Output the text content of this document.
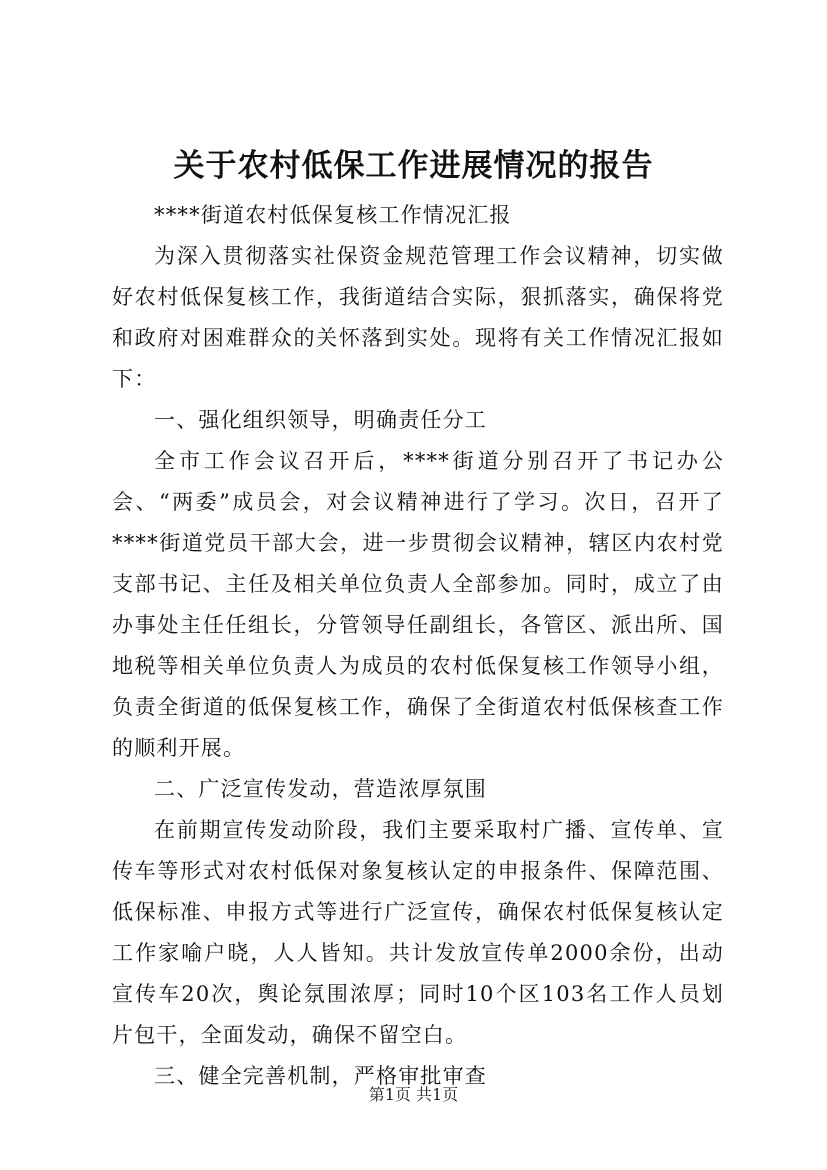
关于农村低保工作进展情况的报告

****街道农村低保复核工作情况汇报

为深入贯彻落实社保资金规范管理工作会议精神，切实做好农村低保复核工作，我街道结合实际，狠抓落实，确保将党和政府对困难群众的关怀落到实处。现将有关工作情况汇报如下：

一、强化组织领导，明确责任分工

全市工作会议召开后，****街道分别召开了书记办公会、“两委”成员会，对会议精神进行了学习。次日，召开了****街道党员干部大会，进一步贯彻会议精神，辖区内农村党支部书记、主任及相关单位负责人全部参加。同时，成立了由办事处主任任组长，分管领导任副组长，各管区、派出所、国地税等相关单位负责人为成员的农村低保复核工作领导小组，负责全街道的低保复核工作，确保了全街道农村低保核查工作的顺利开展。

二、广泛宣传发动，营造浓厚氛围

在前期宣传发动阶段，我们主要采取村广播、宣传单、宣传车等形式对农村低保对象复核认定的申报条件、保障范围、低保标准、申报方式等进行广泛宣传，确保农村低保复核认定工作家喻户晓，人人皆知。共计发放宣传单2000余份，出动宣传车20次，舆论氛围浓厚；同时10个区103名工作人员划片包干，全面发动，确保不留空白。

三、健全完善机制，严格审批审查

第1页 共1页
